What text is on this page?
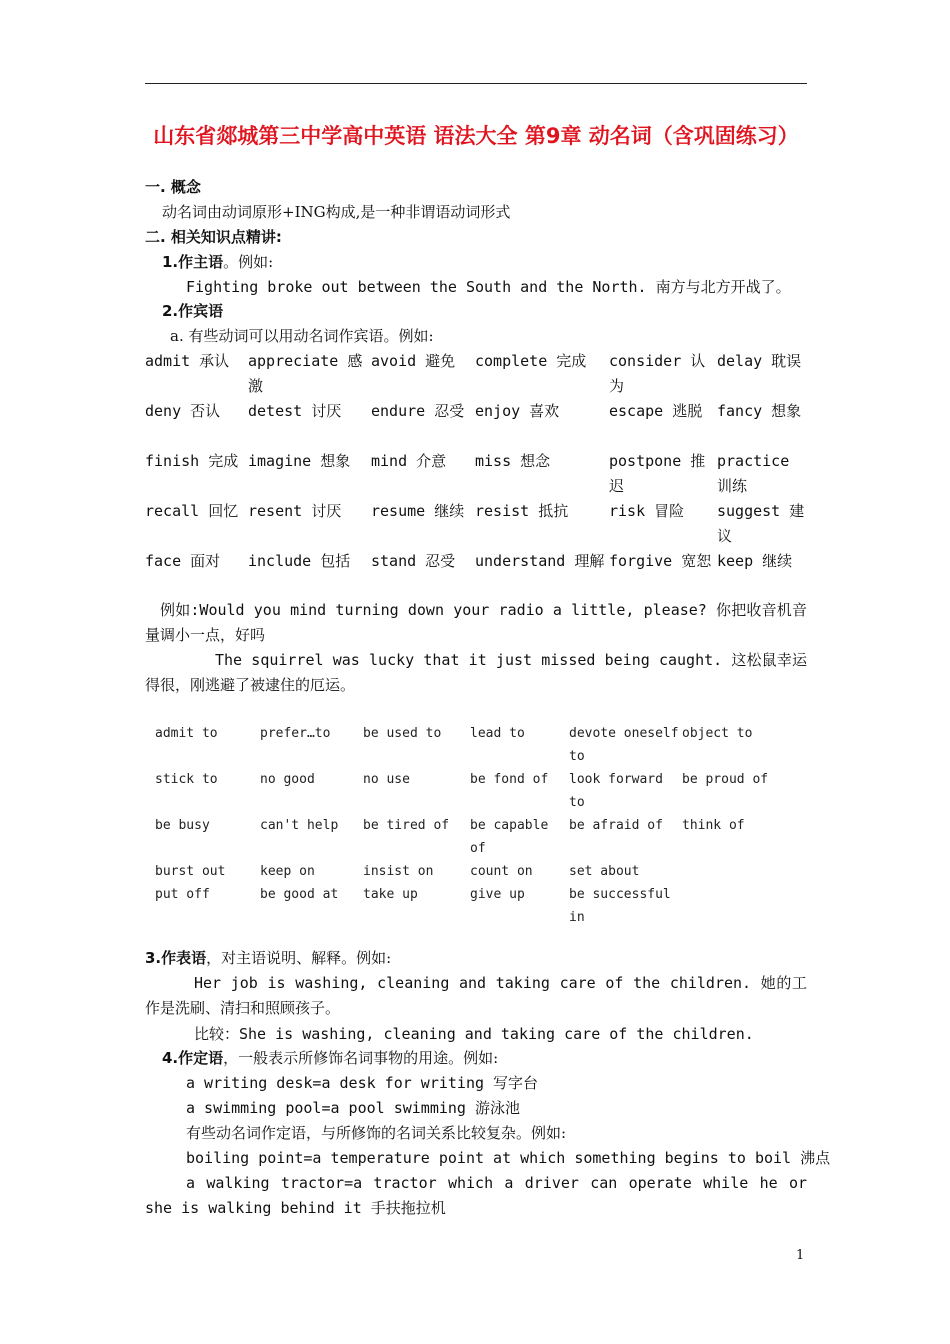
山东省郯城第三中学高中英语 语法大全 第9章 动名词（含巩固练习）
一. 概念
动名词由动词原形+ING构成,是一种非谓语动词形式
二. 相关知识点精讲:
1.作主语。例如:
Fighting broke out between the South and the North. 南方与北方开战了。
2.作宾语
a. 有些动词可以用动名词作宾语。例如:
admit 承认	appreciate 感激	avoid 避免	complete 完成	consider 认为	delay 耽误
deny 否认	detest 讨厌	endure 忍受	enjoy 喜欢	escape 逃脱	fancy 想象
finish 完成	imagine 想象	mind 介意	miss 想念	postpone 推迟	practice 训练
recall 回忆	resent 讨厌	resume 继续	resist 抵抗	risk 冒险	suggest 建议
face 面对	include 包括	stand 忍受	understand 理解	forgive 宽恕	keep 继续
例如:Would you mind turning down your radio a little, please? 你把收音机音量调小一点，好吗
The squirrel was lucky that it just missed being caught. 这松鼠幸运得很，刚逃避了被逮住的厄运。
admit to	prefer…to	be used to	lead to	devote oneself to	object to
stick to	no good	no use	be fond of	look forward to	be proud of
be busy	can't help	be tired of	be capable of	be afraid of	think of
burst out	keep on	insist on	count on	set about	
put off	be good at	take up	give up	be successful in	
3.作表语，对主语说明、解释。例如:
Her job is washing, cleaning and taking care of the children. 她的工作是洗刷、清扫和照顾孩子。
比较：She is washing, cleaning and taking care of the children.
4.作定语，一般表示所修饰名词事物的用途。例如:
a writing desk=a desk for writing 写字台
a swimming pool=a pool swimming 游泳池
有些动名词作定语，与所修饰的名词关系比较复杂。例如:
boiling point=a temperature point at which something begins to boil 沸点
a walking tractor=a tractor which a driver can operate while he or she is walking behind it 手扶拖拉机
1
